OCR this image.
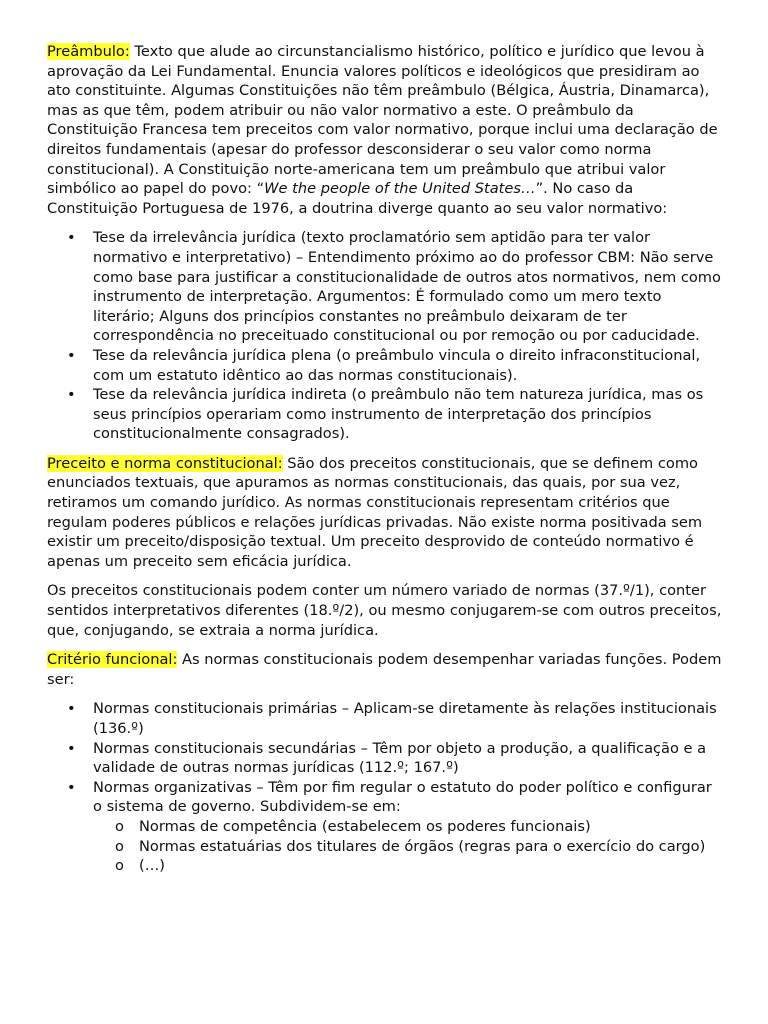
Preâmbulo: Texto que alude ao circunstancialismo histórico, político e jurídico que levou à aprovação da Lei Fundamental. Enuncia valores políticos e ideológicos que presidiram ao ato constituinte. Algumas Constituições não têm preâmbulo (Bélgica, Áustria, Dinamarca), mas as que têm, podem atribuir ou não valor normativo a este. O preâmbulo da Constituição Francesa tem preceitos com valor normativo, porque inclui uma declaração de direitos fundamentais (apesar do professor desconsiderar o seu valor como norma constitucional). A Constituição norte-americana tem um preâmbulo que atribui valor simbólico ao papel do povo: “We the people of the United States…”. No caso da Constituição Portuguesa de 1976, a doutrina diverge quanto ao seu valor normativo:

• Tese da irrelevância jurídica (texto proclamatório sem aptidão para ter valor normativo e interpretativo) – Entendimento próximo ao do professor CBM: Não serve como base para justificar a constitucionalidade de outros atos normativos, nem como instrumento de interpretação. Argumentos: É formulado como um mero texto literário; Alguns dos princípios constantes no preâmbulo deixaram de ter correspondência no preceituado constitucional ou por remoção ou por caducidade.
• Tese da relevância jurídica plena (o preâmbulo vincula o direito infraconstitucional, com um estatuto idêntico ao das normas constitucionais).
• Tese da relevância jurídica indireta (o preâmbulo não tem natureza jurídica, mas os seus princípios operariam como instrumento de interpretação dos princípios constitucionalmente consagrados).

Preceito e norma constitucional: São dos preceitos constitucionais, que se definem como enunciados textuais, que apuramos as normas constitucionais, das quais, por sua vez, retiramos um comando jurídico. As normas constitucionais representam critérios que regulam poderes públicos e relações jurídicas privadas. Não existe norma positivada sem existir um preceito/disposição textual. Um preceito desprovido de conteúdo normativo é apenas um preceito sem eficácia jurídica.

Os preceitos constitucionais podem conter um número variado de normas (37.º/1), conter sentidos interpretativos diferentes (18.º/2), ou mesmo conjugarem-se com outros preceitos, que, conjugando, se extraia a norma jurídica.

Critério funcional: As normas constitucionais podem desempenhar variadas funções. Podem ser:

• Normas constitucionais primárias – Aplicam-se diretamente às relações institucionais (136.º)
• Normas constitucionais secundárias – Têm por objeto a produção, a qualificação e a validade de outras normas jurídicas (112.º; 167.º)
• Normas organizativas – Têm por fim regular o estatuto do poder político e configurar o sistema de governo. Subdividem-se em:
o Normas de competência (estabelecem os poderes funcionais)
o Normas estatuárias dos titulares de órgãos (regras para o exercício do cargo)
o (…)
